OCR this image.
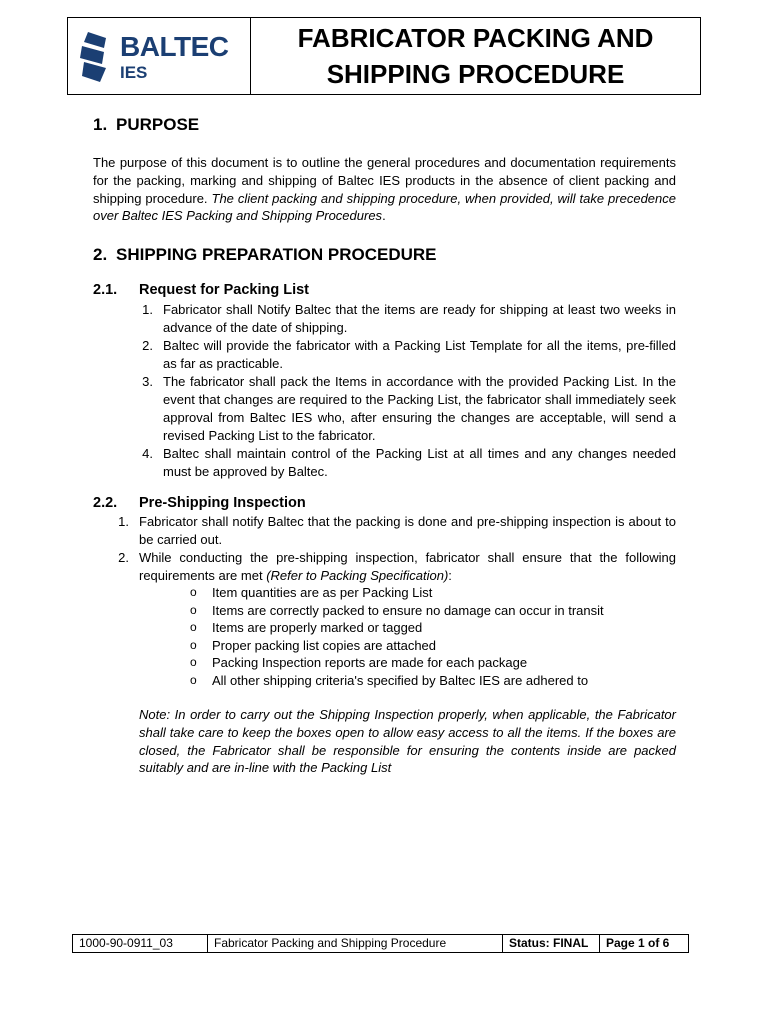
BALTEC
IES
FABRICATOR PACKING AND
SHIPPING PROCEDURE
1. PURPOSE

The purpose of this document is to outline the general procedures and documentation requirements for the packing, marking and shipping of Baltec IES products in the absence of client packing and shipping procedure. The client packing and shipping procedure, when provided, will take precedence over Baltec IES Packing and Shipping Procedures.

2. SHIPPING PREPARATION PROCEDURE
2.1. Request for Packing List
1. Fabricator shall Notify Baltec that the items are ready for shipping at least two weeks in advance of the date of shipping.
2. Baltec will provide the fabricator with a Packing List Template for all the items, pre-filled as far as practicable.
3. The fabricator shall pack the Items in accordance with the provided Packing List. In the event that changes are required to the Packing List, the fabricator shall immediately seek approval from Baltec IES who, after ensuring the changes are acceptable, will send a revised Packing List to the fabricator.
4. Baltec shall maintain control of the Packing List at all times and any changes needed must be approved by Baltec.
2.2. Pre-Shipping Inspection
1. Fabricator shall notify Baltec that the packing is done and pre-shipping inspection is about to be carried out.
2. While conducting the pre-shipping inspection, fabricator shall ensure that the following requirements are met (Refer to Packing Specification):
o Item quantities are as per Packing List
o Items are correctly packed to ensure no damage can occur in transit
o Items are properly marked or tagged
o Proper packing list copies are attached
o Packing Inspection reports are made for each package
o All other shipping criteria's specified by Baltec IES are adhered to

Note: In order to carry out the Shipping Inspection properly, when applicable, the Fabricator shall take care to keep the boxes open to allow easy access to all the items. If the boxes are closed, the Fabricator shall be responsible for ensuring the contents inside are packed suitably and are in-line with the Packing List

1000-90-0911_03	Fabricator Packing and Shipping Procedure	Status: FINAL	Page 1 of 6
